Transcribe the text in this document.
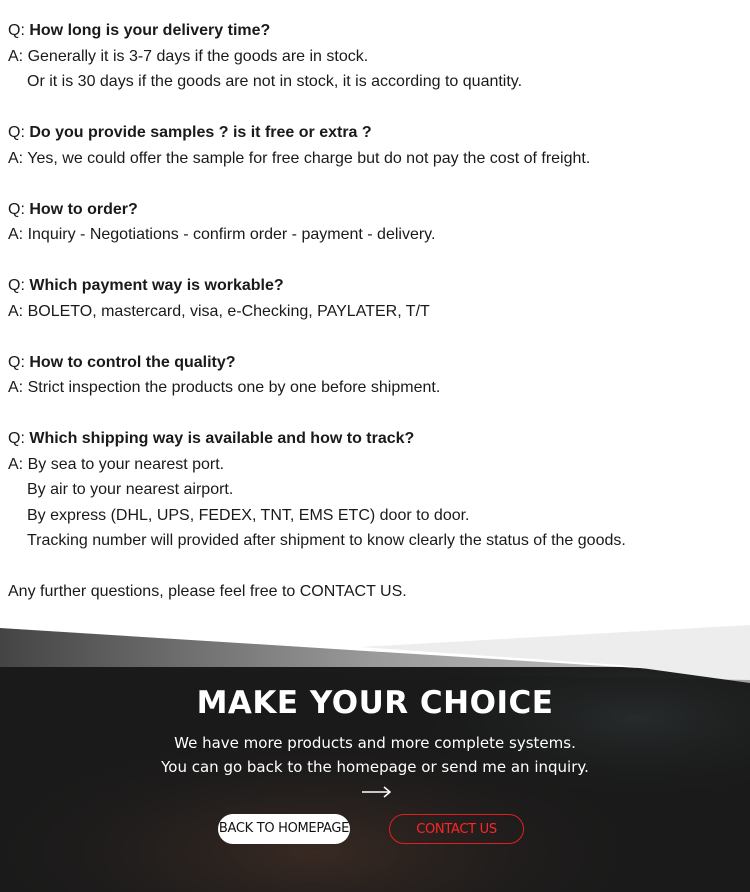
Q: How long is your delivery time?
A: Generally it is 3-7 days if the goods are in stock.
Or it is 30 days if the goods are not in stock, it is according to quantity.
Q: Do you provide samples ? is it free or extra ?
A: Yes, we could offer the sample for free charge but do not pay the cost of freight.
Q: How to order?
A: Inquiry - Negotiations - confirm order - payment - delivery.
Q: Which payment way is workable?
A: BOLETO, mastercard, visa, e-Checking, PAYLATER, T/T
Q: How to control the quality?
A: Strict inspection the products one by one before shipment.
Q: Which shipping way is available and how to track?
A: By sea to your nearest port.
By air to your nearest airport.
By express (DHL, UPS, FEDEX, TNT, EMS ETC) door to door.
Tracking number will provided after shipment to know clearly the status of the goods.
Any further questions, please feel free to CONTACT US.
MAKE YOUR CHOICE
We have more products and more complete systems.
You can go back to the homepage or send me an inquiry.
BACK TO HOMEPAGE	CONTACT US
